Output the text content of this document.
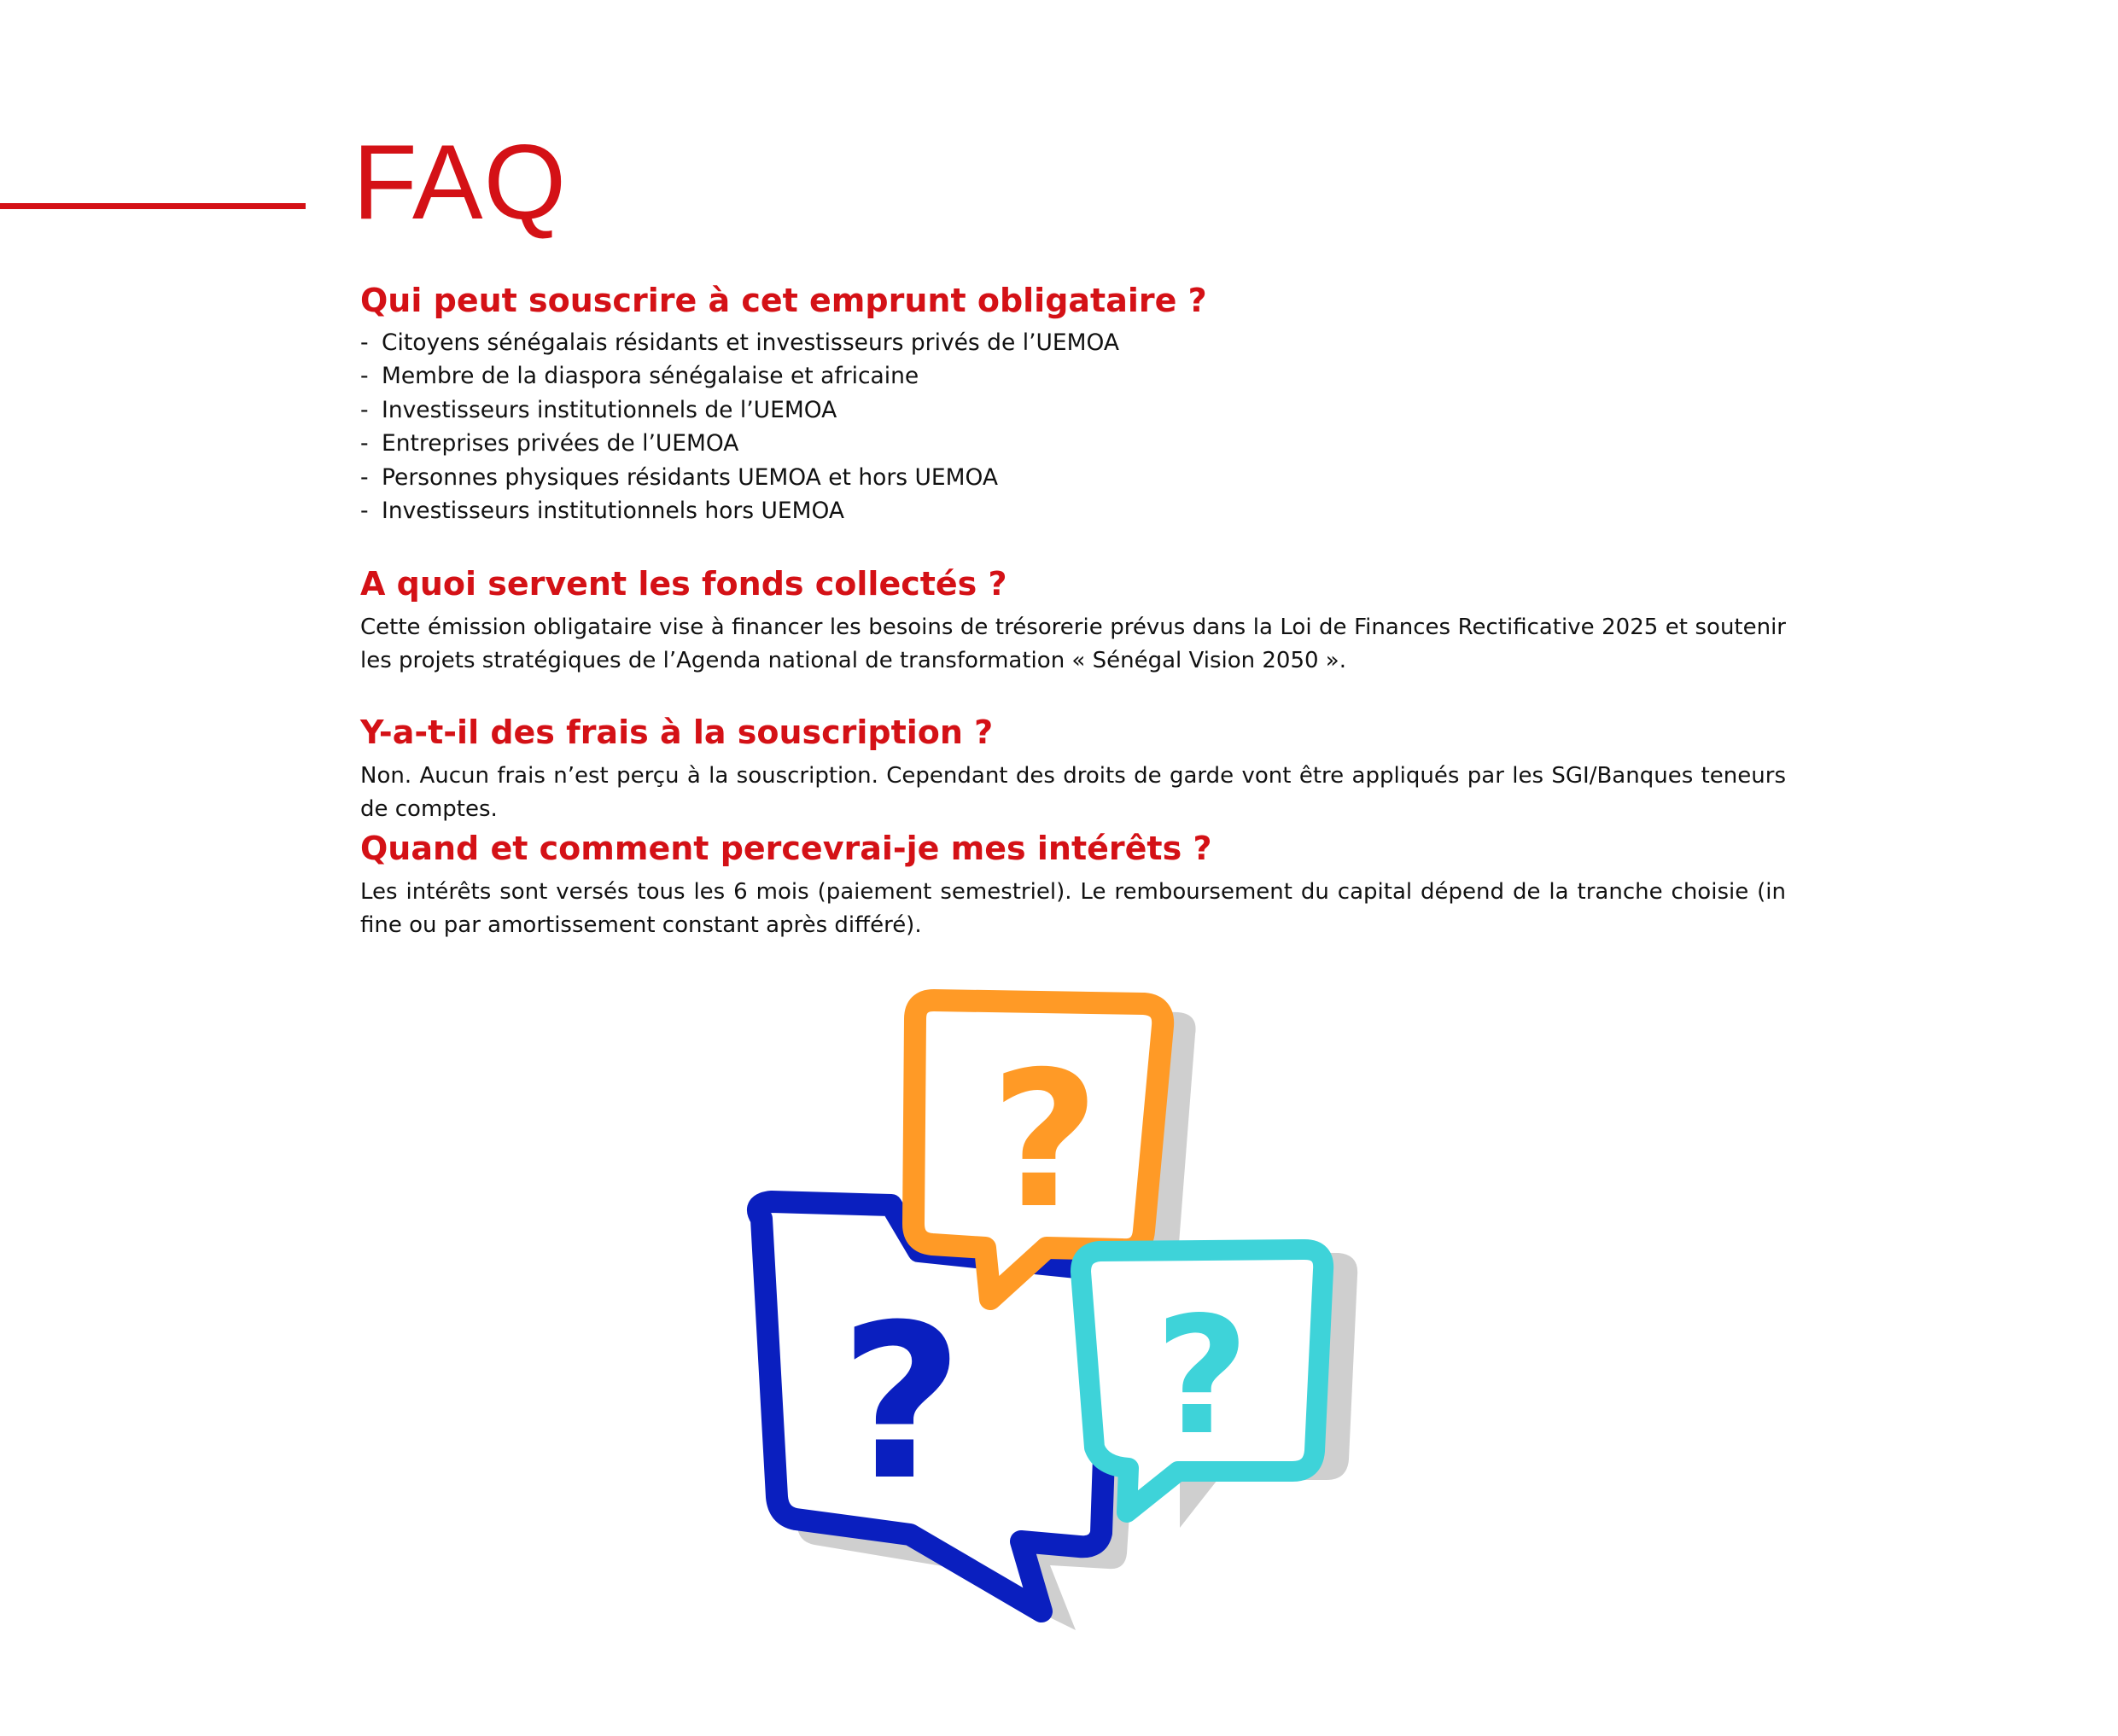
FAQ
Qui peut souscrire à cet emprunt obligataire ?
- Citoyens sénégalais résidants et investisseurs privés de l’UEMOA
- Membre de la diaspora sénégalaise et africaine
- Investisseurs institutionnels de l’UEMOA
- Entreprises privées de l’UEMOA
- Personnes physiques résidants UEMOA et hors UEMOA
- Investisseurs institutionnels hors UEMOA
A quoi servent les fonds collectés ?

Cette émission obligataire vise à financer les besoins de trésorerie prévus dans la Loi de Finances Rectificative 2025 et soutenir les projets stratégiques de l’Agenda national de transformation « Sénégal Vision 2050 ».

Y-a-t-il des frais à la souscription ?

Non. Aucun frais n’est perçu à la souscription. Cependant des droits de garde vont être appliqués par les SGI/Banques teneurs de comptes.

Quand et comment percevrai-je mes intérêts ?

Les intérêts sont versés tous les 6 mois (paiement semestriel). Le remboursement du capital dépend de la tranche choisie (in fine ou par amortissement constant après différé).

?
?
?
